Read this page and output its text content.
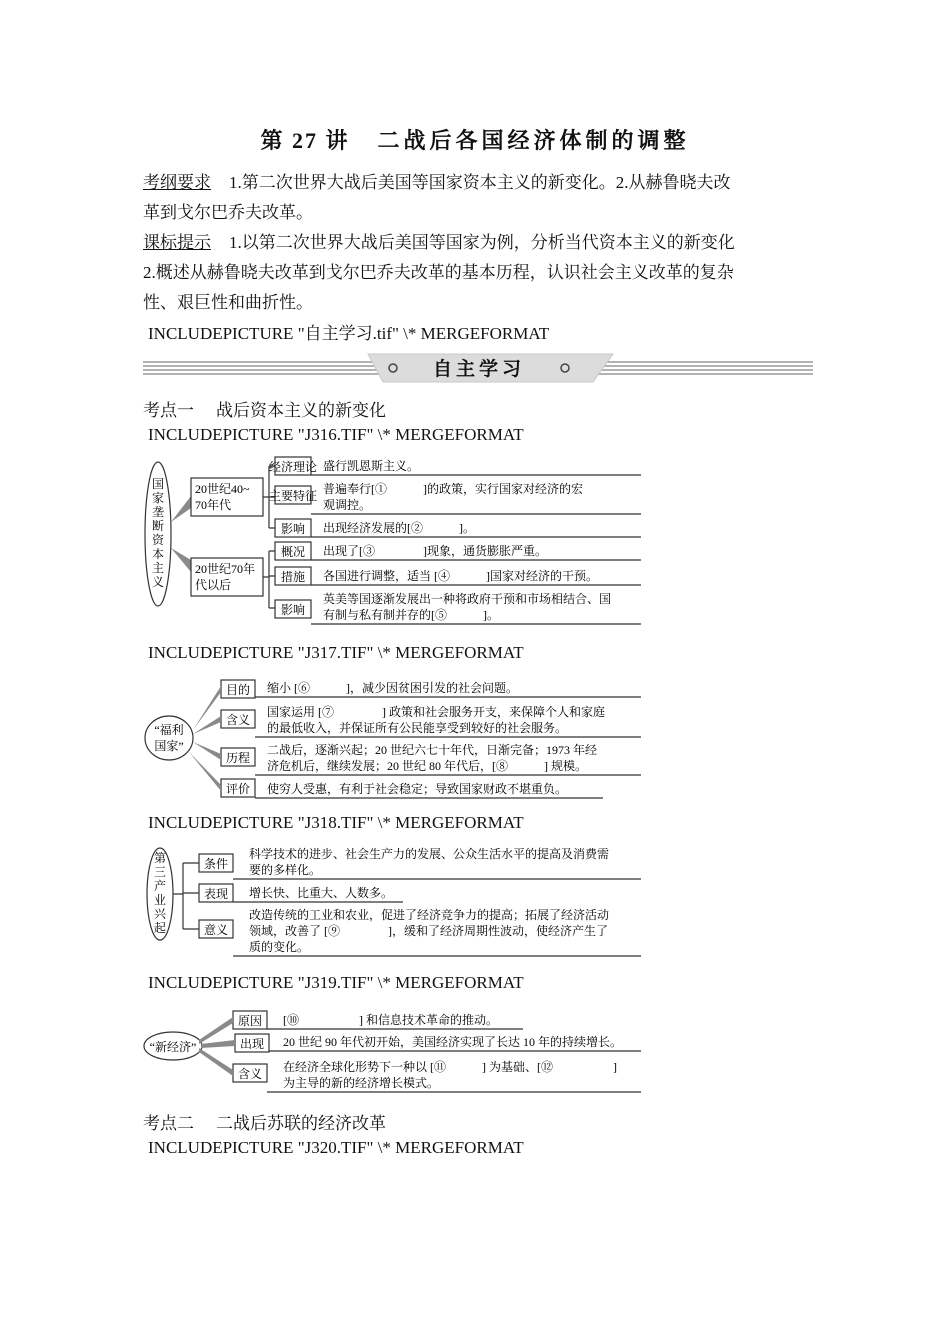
第 27 讲 二战后各国经济体制的调整
考纲要求 1.第二次世界大战后美国等国家资本主义的新变化。2.从赫鲁晓夫改
革到戈尔巴乔夫改革。
课标提示 1.以第二次世界大战后美国等国家为例，分析当代资本主义的新变化
2.概述从赫鲁晓夫改革到戈尔巴乔夫改革的基本历程，认识社会主义改革的复杂
性、艰巨性和曲折性。
INCLUDEPICTURE "自主学习.tif" \* MERGEFORMAT
自主学习
考点一 战后资本主义的新变化
INCLUDEPICTURE "J316.TIF" \* MERGEFORMAT
国
家
垄
断
资
本
主
义
20世纪40~
70年代
20世纪70年
代以后
经济理论 盛行凯恩斯主义。
主要特征 普遍奉行[①　　　]的政策，实行国家对经济的宏
观调控。
影响 出现经济发展的[②　　　]。
概况 出现了[③　　　　]现象，通货膨胀严重。
措施 各国进行调整，适当 [④　　　]国家对经济的干预。
影响
英美等国逐渐发展出一种将政府干预和市场相结合、国
有制与私有制并存的[⑤　　　]。
INCLUDEPICTURE "J317.TIF" \* MERGEFORMAT
“福利
国家”
目的 缩小 [⑥　　　]，减少因贫困引发的社会问题。
含义
国家运用 [⑦　　　　] 政策和社会服务开支，来保障个人和家庭
的最低收入，并保证所有公民能享受到较好的社会服务。
历程
二战后，逐渐兴起；20 世纪六七十年代，日渐完备；1973 年经
济危机后，继续发展；20 世纪 80 年代后，[⑧　　　] 规模。
评价 使穷人受惠，有利于社会稳定；导致国家财政不堪重负。
INCLUDEPICTURE "J318.TIF" \* MERGEFORMAT
第
三
产
业
兴
起
条件
科学技术的进步、社会生产力的发展、公众生活水平的提高及消费需
要的多样化。
表现 增长快、比重大、人数多。
意义
改造传统的工业和农业，促进了经济竞争力的提高；拓展了经济活动
领域，改善了 [⑨　　　　]，缓和了经济周期性波动，使经济产生了
质的变化。
INCLUDEPICTURE "J319.TIF" \* MERGEFORMAT
“新经济”
原因 [⑩　　　　　] 和信息技术革命的推动。
出现 20 世纪 90 年代初开始，美国经济实现了长达 10 年的持续增长。
含义 在经济全球化形势下一种以 [⑪　　　] 为基础、[⑫　　　　　]
为主导的新的经济增长模式。
考点二 二战后苏联的经济改革
INCLUDEPICTURE "J320.TIF" \* MERGEFORMAT
